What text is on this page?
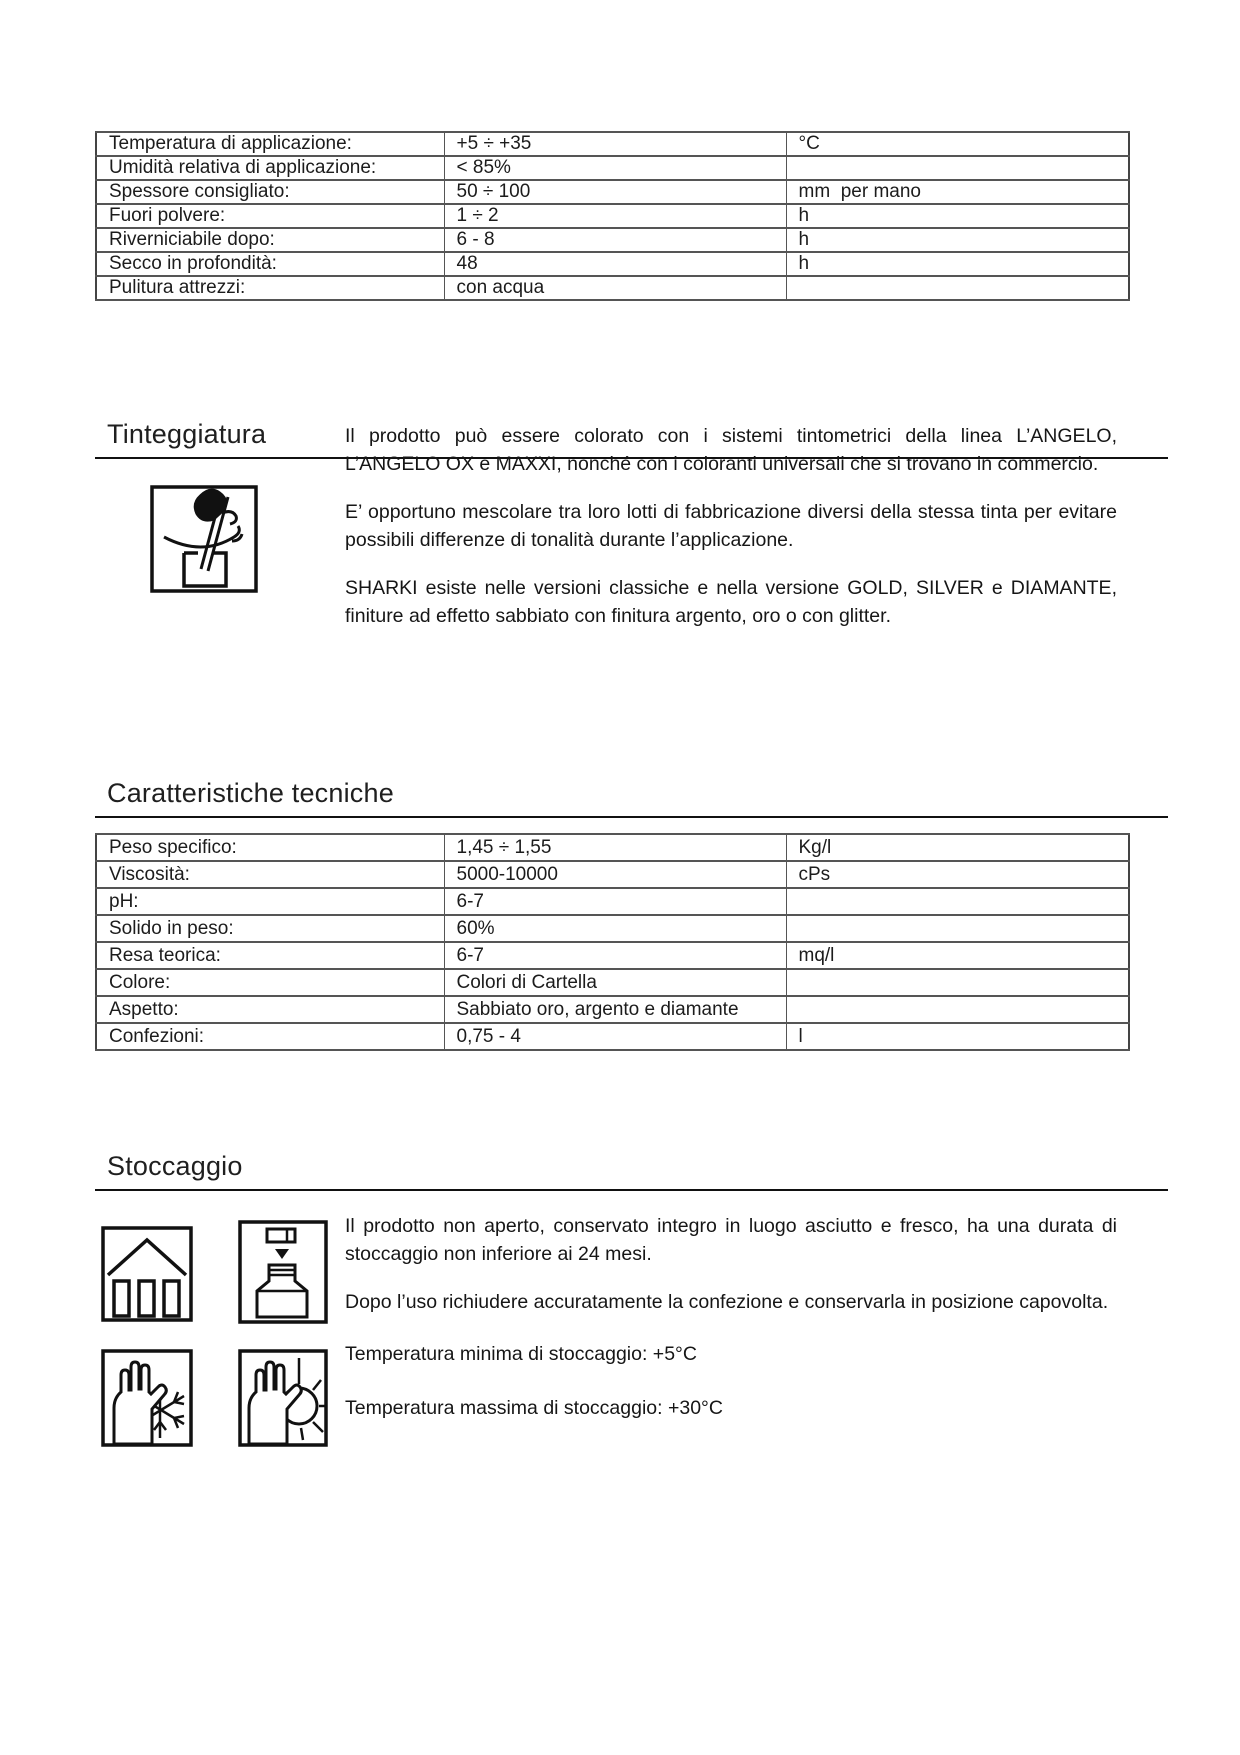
Temperatura di applicazione:	+5 ÷ +35	°C
Umidità relativa di applicazione:	< 85%	
Spessore consigliato:	50 ÷ 100	mm  per mano
Fuori polvere:	1 ÷ 2	h
Riverniciabile dopo:	6 - 8	h
Secco in profondità:	48	h
Pulitura attrezzi:	con acqua	
Tinteggiatura	Il prodotto può essere colorato con i sistemi tintometrici della linea L’ANGELO, L’ANGELO OX e MAXXI, nonché con i coloranti universali che si trovano in commercio.

E’ opportuno mescolare tra loro lotti di fabbricazione diversi della stessa tinta per evitare possibili differenze di tonalità durante l’applicazione.

SHARKI esiste nelle versioni classiche e nella versione GOLD, SILVER e DIAMANTE, finiture ad effetto sabbiato con finitura argento, oro o con glitter.

Caratteristiche tecniche
Peso specifico:	1,45 ÷ 1,55	Kg/l
Viscosità:	5000-10000	cPs
pH:	6-7	
Solido in peso:	60%	
Resa teorica:	6-7	mq/l
Colore:	Colori di Cartella	
Aspetto:	Sabbiato oro, argento e diamante	
Confezioni:	0,75 - 4	l
Stoccaggio

Il prodotto non aperto, conservato integro in luogo asciutto e fresco, ha una durata di stoccaggio non inferiore ai 24 mesi.

Dopo l’uso richiudere accuratamente la confezione e conservarla in posizione capovolta.

Temperatura minima di stoccaggio: +5°C

Temperatura massima di stoccaggio: +30°C
